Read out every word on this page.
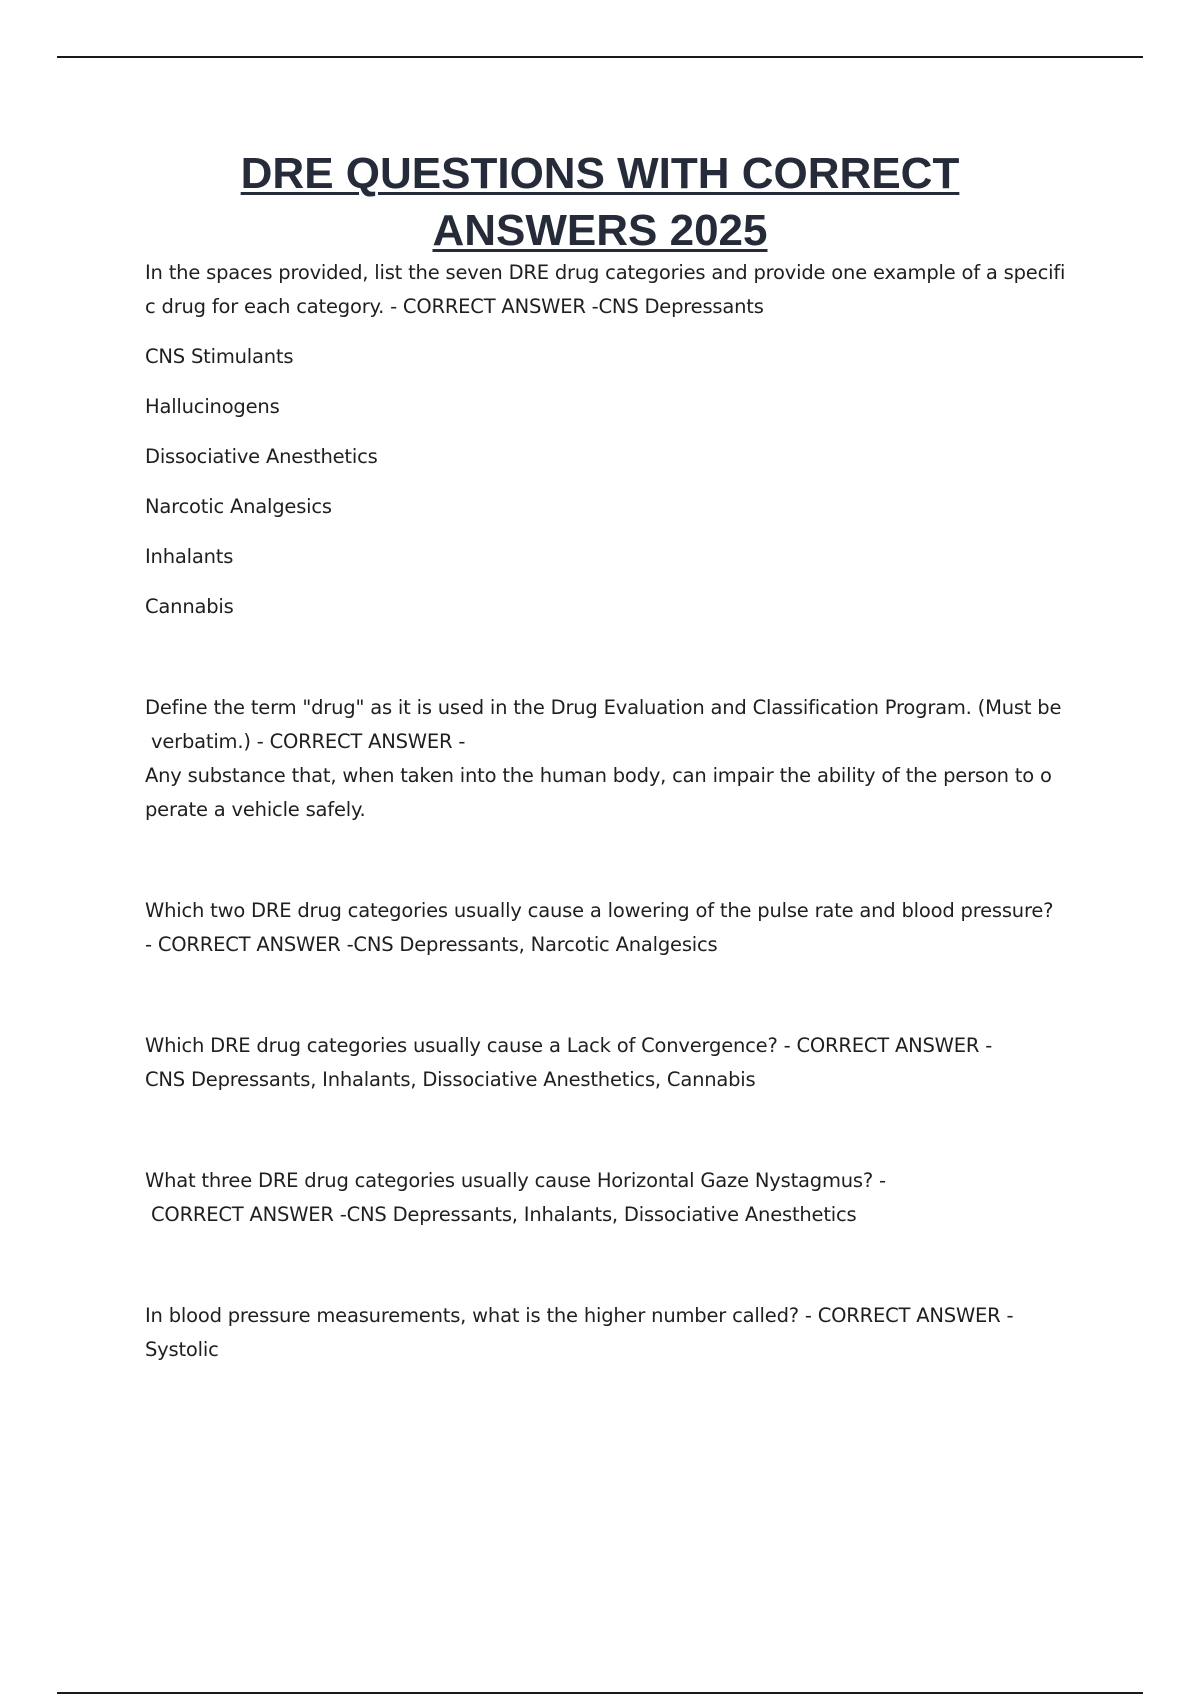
DRE QUESTIONS WITH CORRECT
ANSWERS 2025
In the spaces provided, list the seven DRE drug categories and provide one example of a specifi
c drug for each category. - CORRECT ANSWER -CNS Depressants
CNS Stimulants
Hallucinogens
Dissociative Anesthetics
Narcotic Analgesics
Inhalants
Cannabis
Define the term "drug" as it is used in the Drug Evaluation and Classification Program. (Must be
verbatim.) - CORRECT ANSWER -
Any substance that, when taken into the human body, can impair the ability of the person to o
perate a vehicle safely.
Which two DRE drug categories usually cause a lowering of the pulse rate and blood pressure?
- CORRECT ANSWER -CNS Depressants, Narcotic Analgesics
Which DRE drug categories usually cause a Lack of Convergence? - CORRECT ANSWER -
CNS Depressants, Inhalants, Dissociative Anesthetics, Cannabis
What three DRE drug categories usually cause Horizontal Gaze Nystagmus? -
CORRECT ANSWER -CNS Depressants, Inhalants, Dissociative Anesthetics
In blood pressure measurements, what is the higher number called? - CORRECT ANSWER -
Systolic
